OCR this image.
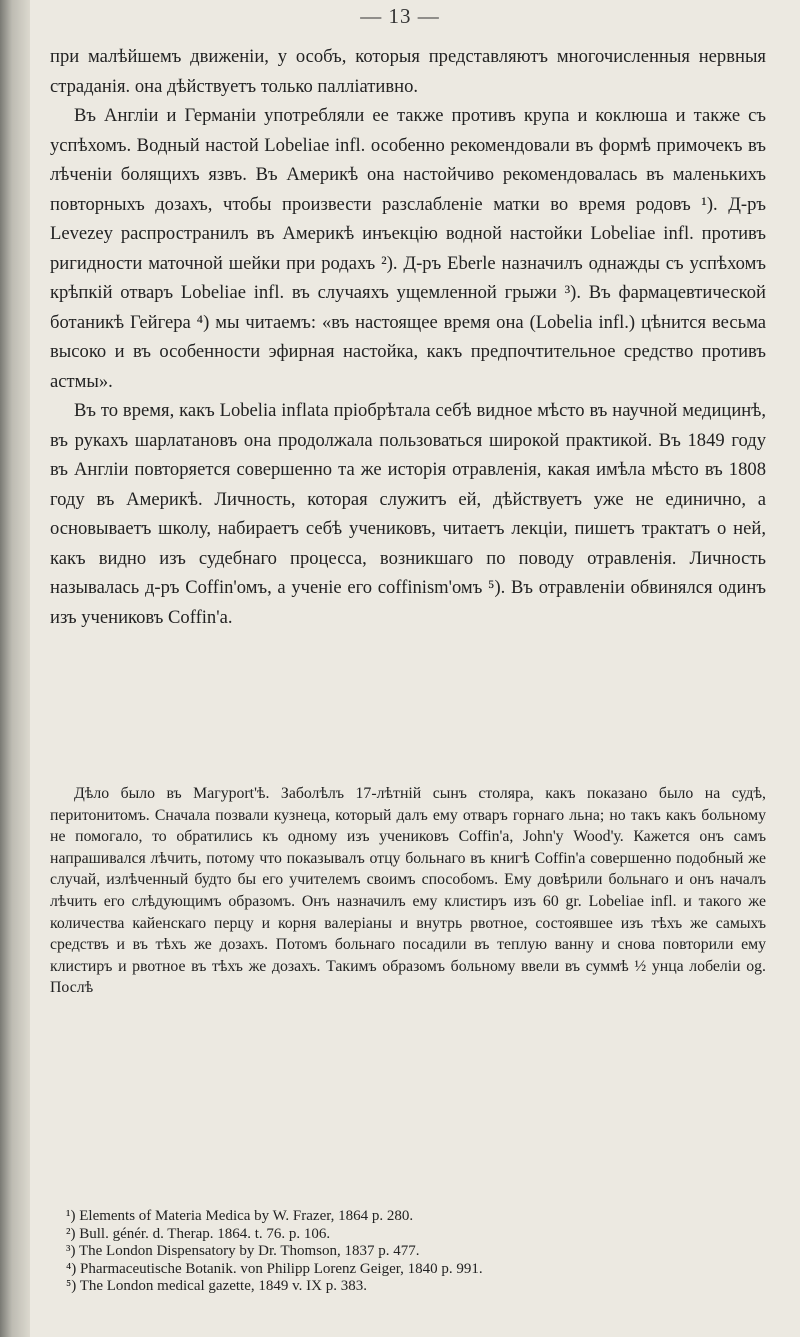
— 13 —

при малѣйшемъ движеніи, у особъ, которыя представляютъ многочисленныя нервныя страданія. она дѣйствуетъ только палліативно.

Въ Англіи и Германіи употребляли ее также противъ крупа и коклюша и также съ успѣхомъ. Водный настой Lobeliae infl. особенно рекомендовали въ формѣ примочекъ въ лѣченіи болящихъ язвъ. Въ Америкѣ она настойчиво рекомендовалась въ маленькихъ повторныхъ дозахъ, чтобы произвести разслабленіе матки во время родовъ ¹). Д-ръ Levezey распространилъ въ Америкѣ инъекцію водной настойки Lobeliae infl. противъ ригидности маточной шейки при родахъ ²). Д-ръ Eberle назначилъ однажды съ успѣхомъ крѣпкій отваръ Lobeliae infl. въ случаяхъ ущемленной грыжи ³). Въ фармацевтической ботаникѣ Гейгера ⁴) мы читаемъ: «въ настоящее время она (Lobelia infl.) цѣнится весьма высоко и въ особенности эфирная настойка, какъ предпочтительное средство противъ астмы».

Въ то время, какъ Lobelia inflata пріобрѣтала себѣ видное мѣсто въ научной медицинѣ, въ рукахъ шарлатановъ она продолжала пользоваться широкой практикой. Въ 1849 году въ Англіи повторяется совершенно та же исторія отравленія, какая имѣла мѣсто въ 1808 году въ Америкѣ. Личность, которая служитъ ей, дѣйствуетъ уже не единично, а основываетъ школу, набираетъ себѣ учениковъ, читаетъ лекціи, пишетъ трактатъ о ней, какъ видно изъ судебнаго процесса, возникшаго по поводу отравленія. Личность называлась д-ръ Coffin'омъ, а ученіе его coffinism'омъ ⁵). Въ отравленіи обвинялся одинъ изъ учениковъ Coffin'a.

Дѣло было въ Магуроrt'ѣ. Заболѣлъ 17-лѣтній сынъ столяра, какъ показано было на судѣ, перитонитомъ. Сначала позвали кузнеца, который далъ ему отваръ горнаго льна; но такъ какъ больному не помогало, то обратились къ одному изъ учениковъ Coffin'a, John'у Wood'у. Кажется онъ самъ напрашивался лѣчить, потому что показывалъ отцу больнаго въ книгѣ Coffin'a совершенно подобный же случай, излѣченный будто бы его учителемъ своимъ способомъ. Ему довѣрили больнаго и онъ началъ лѣчить его слѣдующимъ образомъ. Онъ назначилъ ему клистиръ изъ 60 gr. Lobeliae infl. и такого же количества кайенскаго перцу и корня валеріаны и внутрь рвотное, состоявшее изъ тѣхъ же самыхъ средствъ и въ тѣхъ же дозахъ. Потомъ больнаго посадили въ теплую ванну и снова повторили ему клистиръ и рвотное въ тѣхъ же дозахъ. Такимъ образомъ больному ввели въ суммѣ ½ унца лобеліи og. Послѣ

¹) Elements of Materia Medica by W. Frazer, 1864 p. 280.
²) Bull. génér. d. Therap. 1864. t. 76. p. 106.
³) The London Dispensatory by Dr. Thomson, 1837 p. 477.
⁴) Pharmaceutische Botanik. von Philipp Lorenz Geiger, 1840 p. 991.
⁵) The London medical gazette, 1849 v. IX p. 383.
